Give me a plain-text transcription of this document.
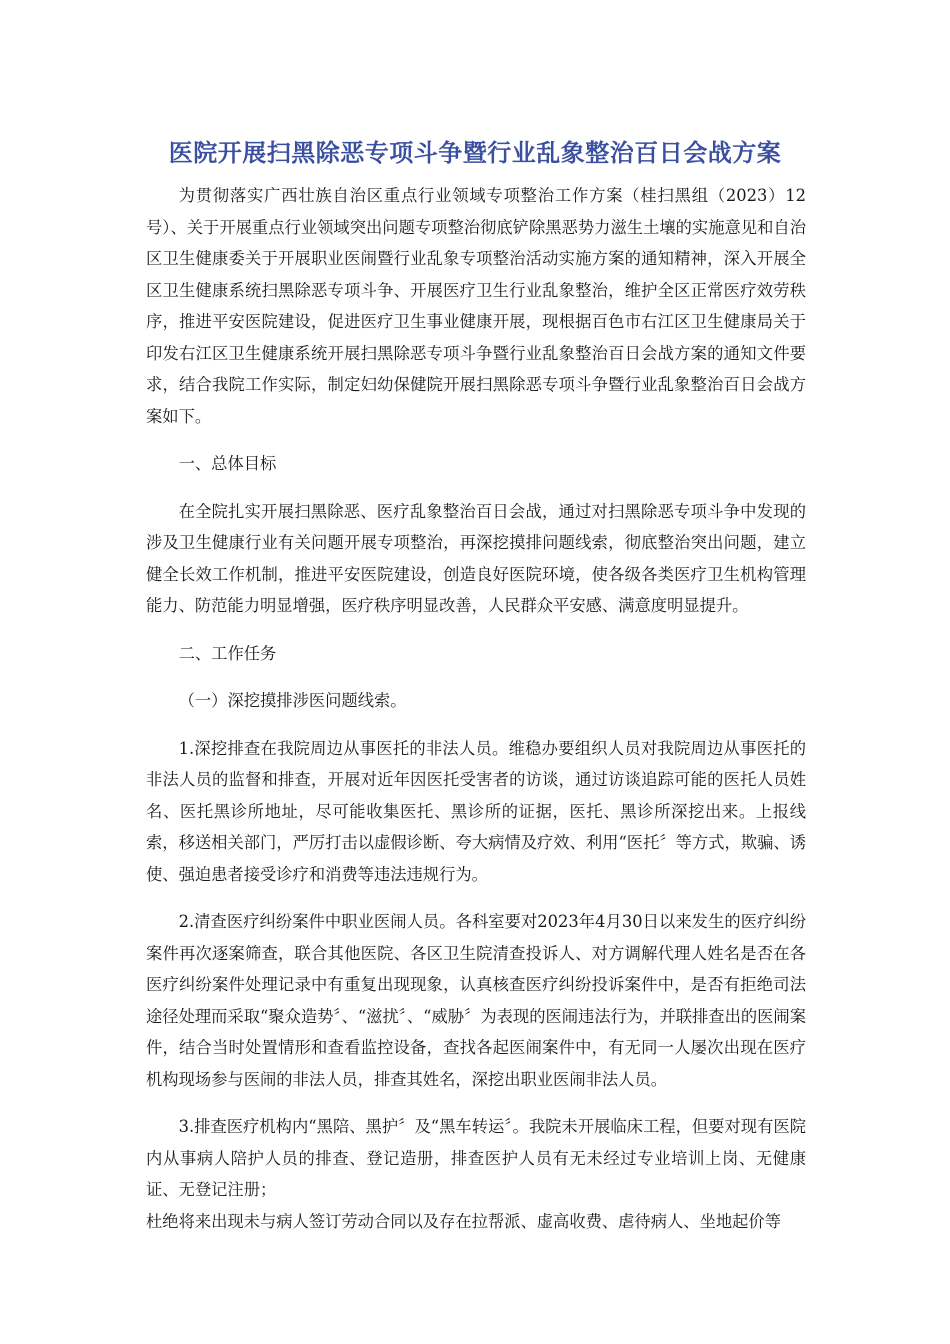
医院开展扫黑除恶专项斗争暨行业乱象整治百日会战方案

为贯彻落实广西壮族自治区重点行业领域专项整治工作方案（桂扫黑组（2023）12号）、关于开展重点行业领域突出问题专项整治彻底铲除黑恶势力滋生土壤的实施意见和自治区卫生健康委关于开展职业医闹暨行业乱象专项整治活动实施方案的通知精神，深入开展全区卫生健康系统扫黑除恶专项斗争、开展医疗卫生行业乱象整治，维护全区正常医疗效劳秩序，推进平安医院建设，促进医疗卫生事业健康开展，现根据百色市右江区卫生健康局关于印发右江区卫生健康系统开展扫黑除恶专项斗争暨行业乱象整治百日会战方案的通知文件要求，结合我院工作实际，制定妇幼保健院开展扫黑除恶专项斗争暨行业乱象整治百日会战方案如下。

一、总体目标

在全院扎实开展扫黑除恶、医疗乱象整治百日会战，通过对扫黑除恶专项斗争中发现的涉及卫生健康行业有关问题开展专项整治，再深挖摸排问题线索，彻底整治突出问题，建立健全长效工作机制，推进平安医院建设，创造良好医院环境，使各级各类医疗卫生机构管理能力、防范能力明显增强，医疗秩序明显改善，人民群众平安感、满意度明显提升。

二、工作任务

（一）深挖摸排涉医问题线索。

1.深挖排查在我院周边从事医托的非法人员。维稳办要组织人员对我院周边从事医托的非法人员的监督和排查，开展对近年因医托受害者的访谈，通过访谈追踪可能的医托人员姓名、医托黑诊所地址，尽可能收集医托、黑诊所的证据，医托、黑诊所深挖出来。上报线索，移送相关部门，严厉打击以虚假诊断、夸大病情及疗效、利用“医托〞等方式，欺骗、诱使、强迫患者接受诊疗和消费等违法违规行为。

2.清查医疗纠纷案件中职业医闹人员。各科室要对2023年4月30日以来发生的医疗纠纷案件再次逐案筛查，联合其他医院、各区卫生院清查投诉人、对方调解代理人姓名是否在各医疗纠纷案件处理记录中有重复出现现象，认真核查医疗纠纷投诉案件中，是否有拒绝司法途径处理而采取“聚众造势〞、“滋扰〞、“威胁〞为表现的医闹违法行为，并联排查出的医闹案件，结合当时处置情形和查看监控设备，查找各起医闹案件中，有无同一人屡次出现在医疗机构现场参与医闹的非法人员，排查其姓名，深挖出职业医闹非法人员。

3.排查医疗机构内“黑陪、黑护〞及“黑车转运〞。我院未开展临床工程，但要对现有医院内从事病人陪护人员的排查、登记造册，排查医护人员有无未经过专业培训上岗、无健康证、无登记注册；

杜绝将来出现未与病人签订劳动合同以及存在拉帮派、虚高收费、虐待病人、坐地起价等
